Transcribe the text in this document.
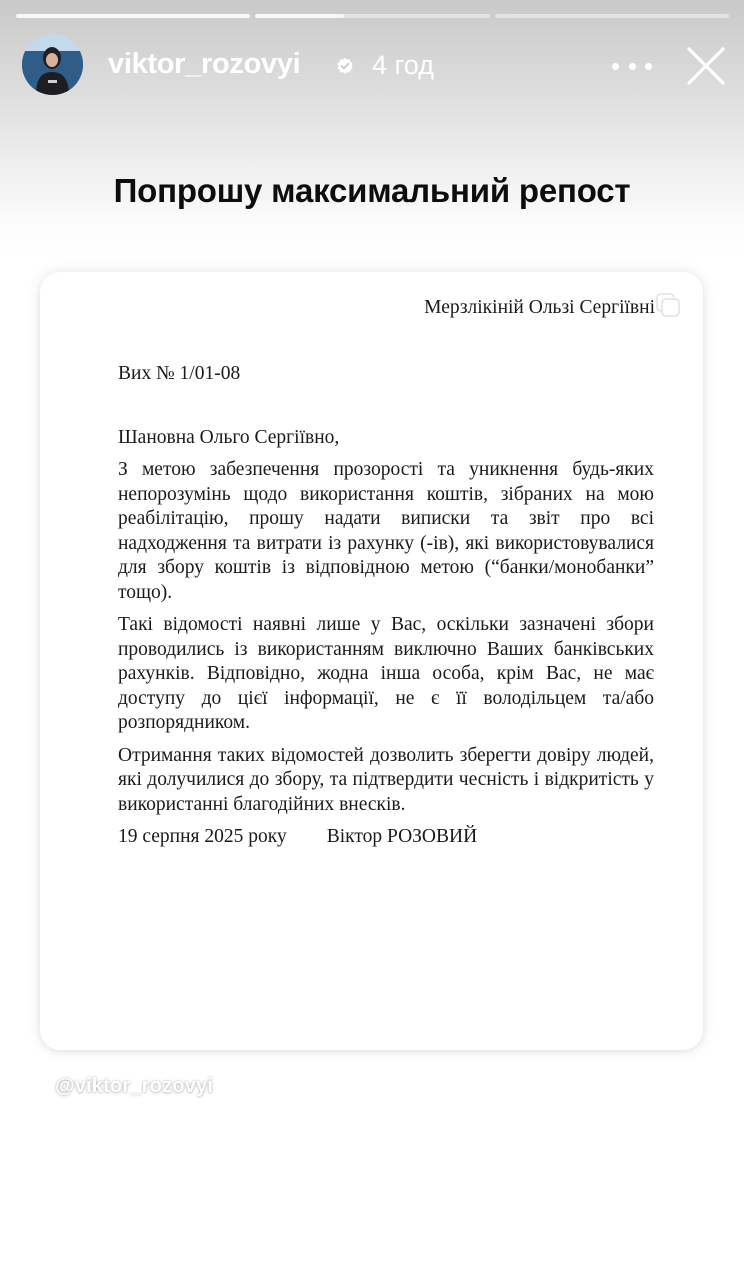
viktor_rozovyi	4 год
Попрошу максимальний репост
Мерзлікіній Ользі Сергіївні
Вих № 1/01-08
Шановна Ольго Сергіївно,

З метою забезпечення прозорості та уникнення будь-яких непорозумінь щодо використання коштів, зібраних на мою реабілітацію, прошу надати виписки та звіт про всі надходження та витрати із рахунку (-ів), які використовувалися для збору коштів із відповідною метою (“банки/монобанки” тощо).

Такі відомості наявні лише у Вас, оскільки зазначені збори проводились із використанням виключно Ваших банківських рахунків. Відповідно, жодна інша особа, крім Вас, не має доступу до цієї інформації, не є її володільцем та/або розпорядником.

Отримання таких відомостей дозволить зберегти довіру людей, які долучилися до збору, та підтвердити чесність і відкритість у використанні благодійних внесків.

19 серпня 2025 року Віктор РОЗОВИЙ
@viktor_rozovyi
